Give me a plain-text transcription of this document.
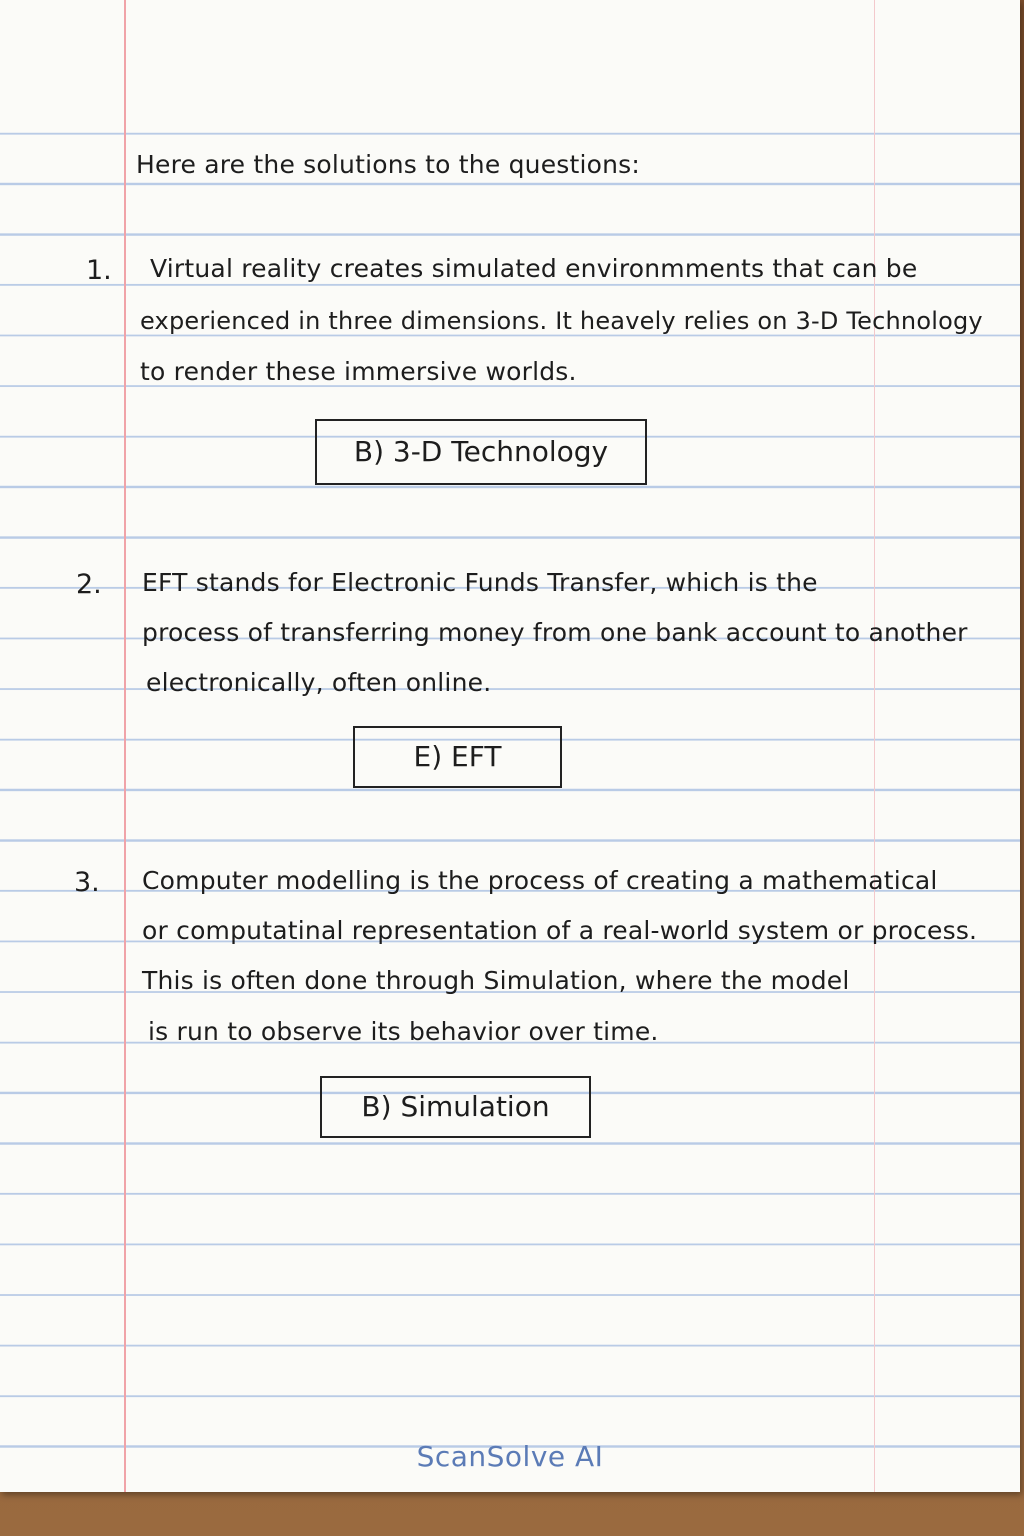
Here are the solutions to the questions:
1. Virtual reality creates simulated environmments that can be
experienced in three dimensions. It heavely relies on 3-D Technology
to render these immersive worlds.
B) 3-D Technology
2. EFT stands for Electronic Funds Transfer, which is the
process of transferring money from one bank account to another
electronically, often online.
E) EFT
3. Computer modelling is the process of creating a mathematical
or computatinal representation of a real-world system or process.
This is often done through Simulation, where the model
is run to observe its behavior over time.
B) Simulation
ScanSolve AI
